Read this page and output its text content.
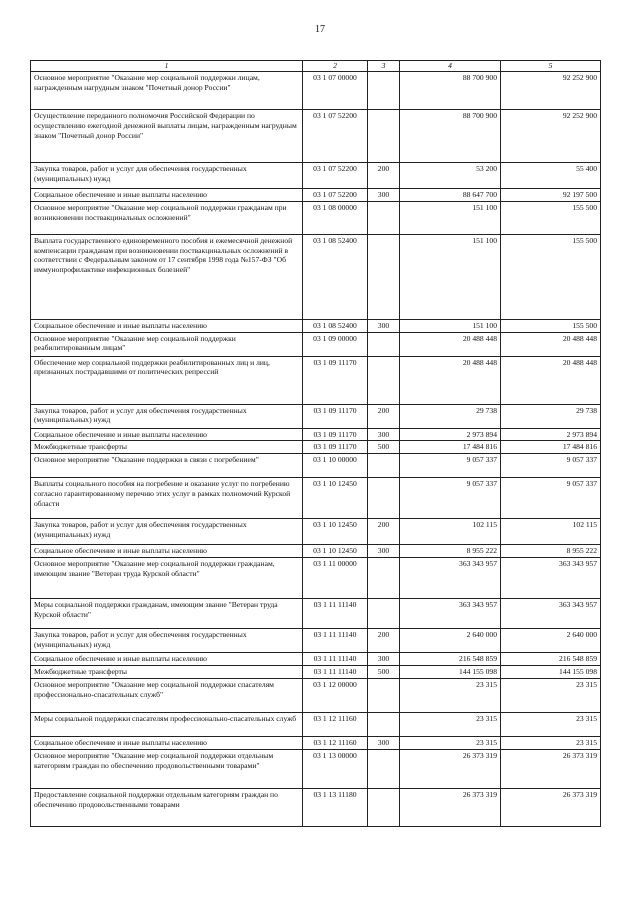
17
1	2	3	4	5
Основное мероприятие "Оказание мер социальной поддержки лицам, награжденным нагрудным знаком "Почетный донор России"	03 1 07 00000		88 700 900	92 252 900
Осуществление переданного полномочия Российской Федерации по осуществлению ежегодной денежной выплаты лицам, награжденным нагрудным знаком "Почетный донор России"	03 1 07 52200		88 700 900	92 252 900
Закупка товаров, работ и услуг для обеспечения государственных (муниципальных) нужд	03 1 07 52200	200	53 200	55 400
Социальное обеспечение и иные выплаты населению	03 1 07 52200	300	88 647 700	92 197 500
Основное мероприятие "Оказание мер социальной поддержки гражданам при возникновении поствакцинальных осложнений"	03 1 08 00000		151 100	155 500
Выплата государственного единовременного пособия и ежемесячной денежной компенсации гражданам при возникновении поствакцинальных осложнений в соответствии с Федеральным законом от 17 сентября 1998 года №157-ФЗ "Об иммунопрофилактике инфекционных болезней"	03 1 08 52400		151 100	155 500
Социальное обеспечение и иные выплаты населению	03 1 08 52400	300	151 100	155 500
Основное мероприятие "Оказание мер социальной поддержки реабилитированным лицам"	03 1 09 00000		20 488 448	20 488 448
Обеспечение мер социальной поддержки реабилитированных лиц и лиц, признанных пострадавшими от политических репрессий	03 1 09 11170		20 488 448	20 488 448
Закупка товаров, работ и услуг для обеспечения государственных (муниципальных) нужд	03 1 09 11170	200	29 738	29 738
Социальное обеспечение и иные выплаты населению	03 1 09 11170	300	2 973 894	2 973 894
Межбюджетные трансферты	03 1 09 11170	500	17 484 816	17 484 816
Основное мероприятие "Оказание поддержки в связи с погребением"	03 1 10 00000		9 057 337	9 057 337
Выплаты социального пособия на погребение и оказание услуг по погребению согласно гарантированному перечню этих услуг в рамках полномочий Курской области	03 1 10 12450		9 057 337	9 057 337
Закупка товаров, работ и услуг для обеспечения государственных (муниципальных) нужд	03 1 10 12450	200	102 115	102 115
Социальное обеспечение и иные выплаты населению	03 1 10 12450	300	8 955 222	8 955 222
Основное мероприятие "Оказание мер социальной поддержки гражданам, имеющим звание "Ветеран труда Курской области"	03 1 11 00000		363 343 957	363 343 957
Меры социальной поддержки гражданам, имеющим звание "Ветеран труда Курской области"	03 1 11 11140		363 343 957	363 343 957
Закупка товаров, работ и услуг для обеспечения государственных (муниципальных) нужд	03 1 11 11140	200	2 640 000	2 640 000
Социальное обеспечение и иные выплаты населению	03 1 11 11140	300	216 548 859	216 548 859
Межбюджетные трансферты	03 1 11 11140	500	144 155 098	144 155 098
Основное мероприятие "Оказание мер социальной поддержки спасателям профессионально-спасательных служб"	03 1 12 00000		23 315	23 315
Меры социальной поддержки спасателям профессионально-спасательных служб	03 1 12 11160		23 315	23 315
Социальное обеспечение и иные выплаты населению	03 1 12 11160	300	23 315	23 315
Основное мероприятие "Оказание мер социальной поддержки отдельным категориям граждан по обеспечению продовольственными товарами"	03 1 13 00000		26 373 319	26 373 319
Предоставление социальной поддержки отдельным категориям граждан по обеспечению продовольственными товарами	03 1 13 11180		26 373 319	26 373 319
